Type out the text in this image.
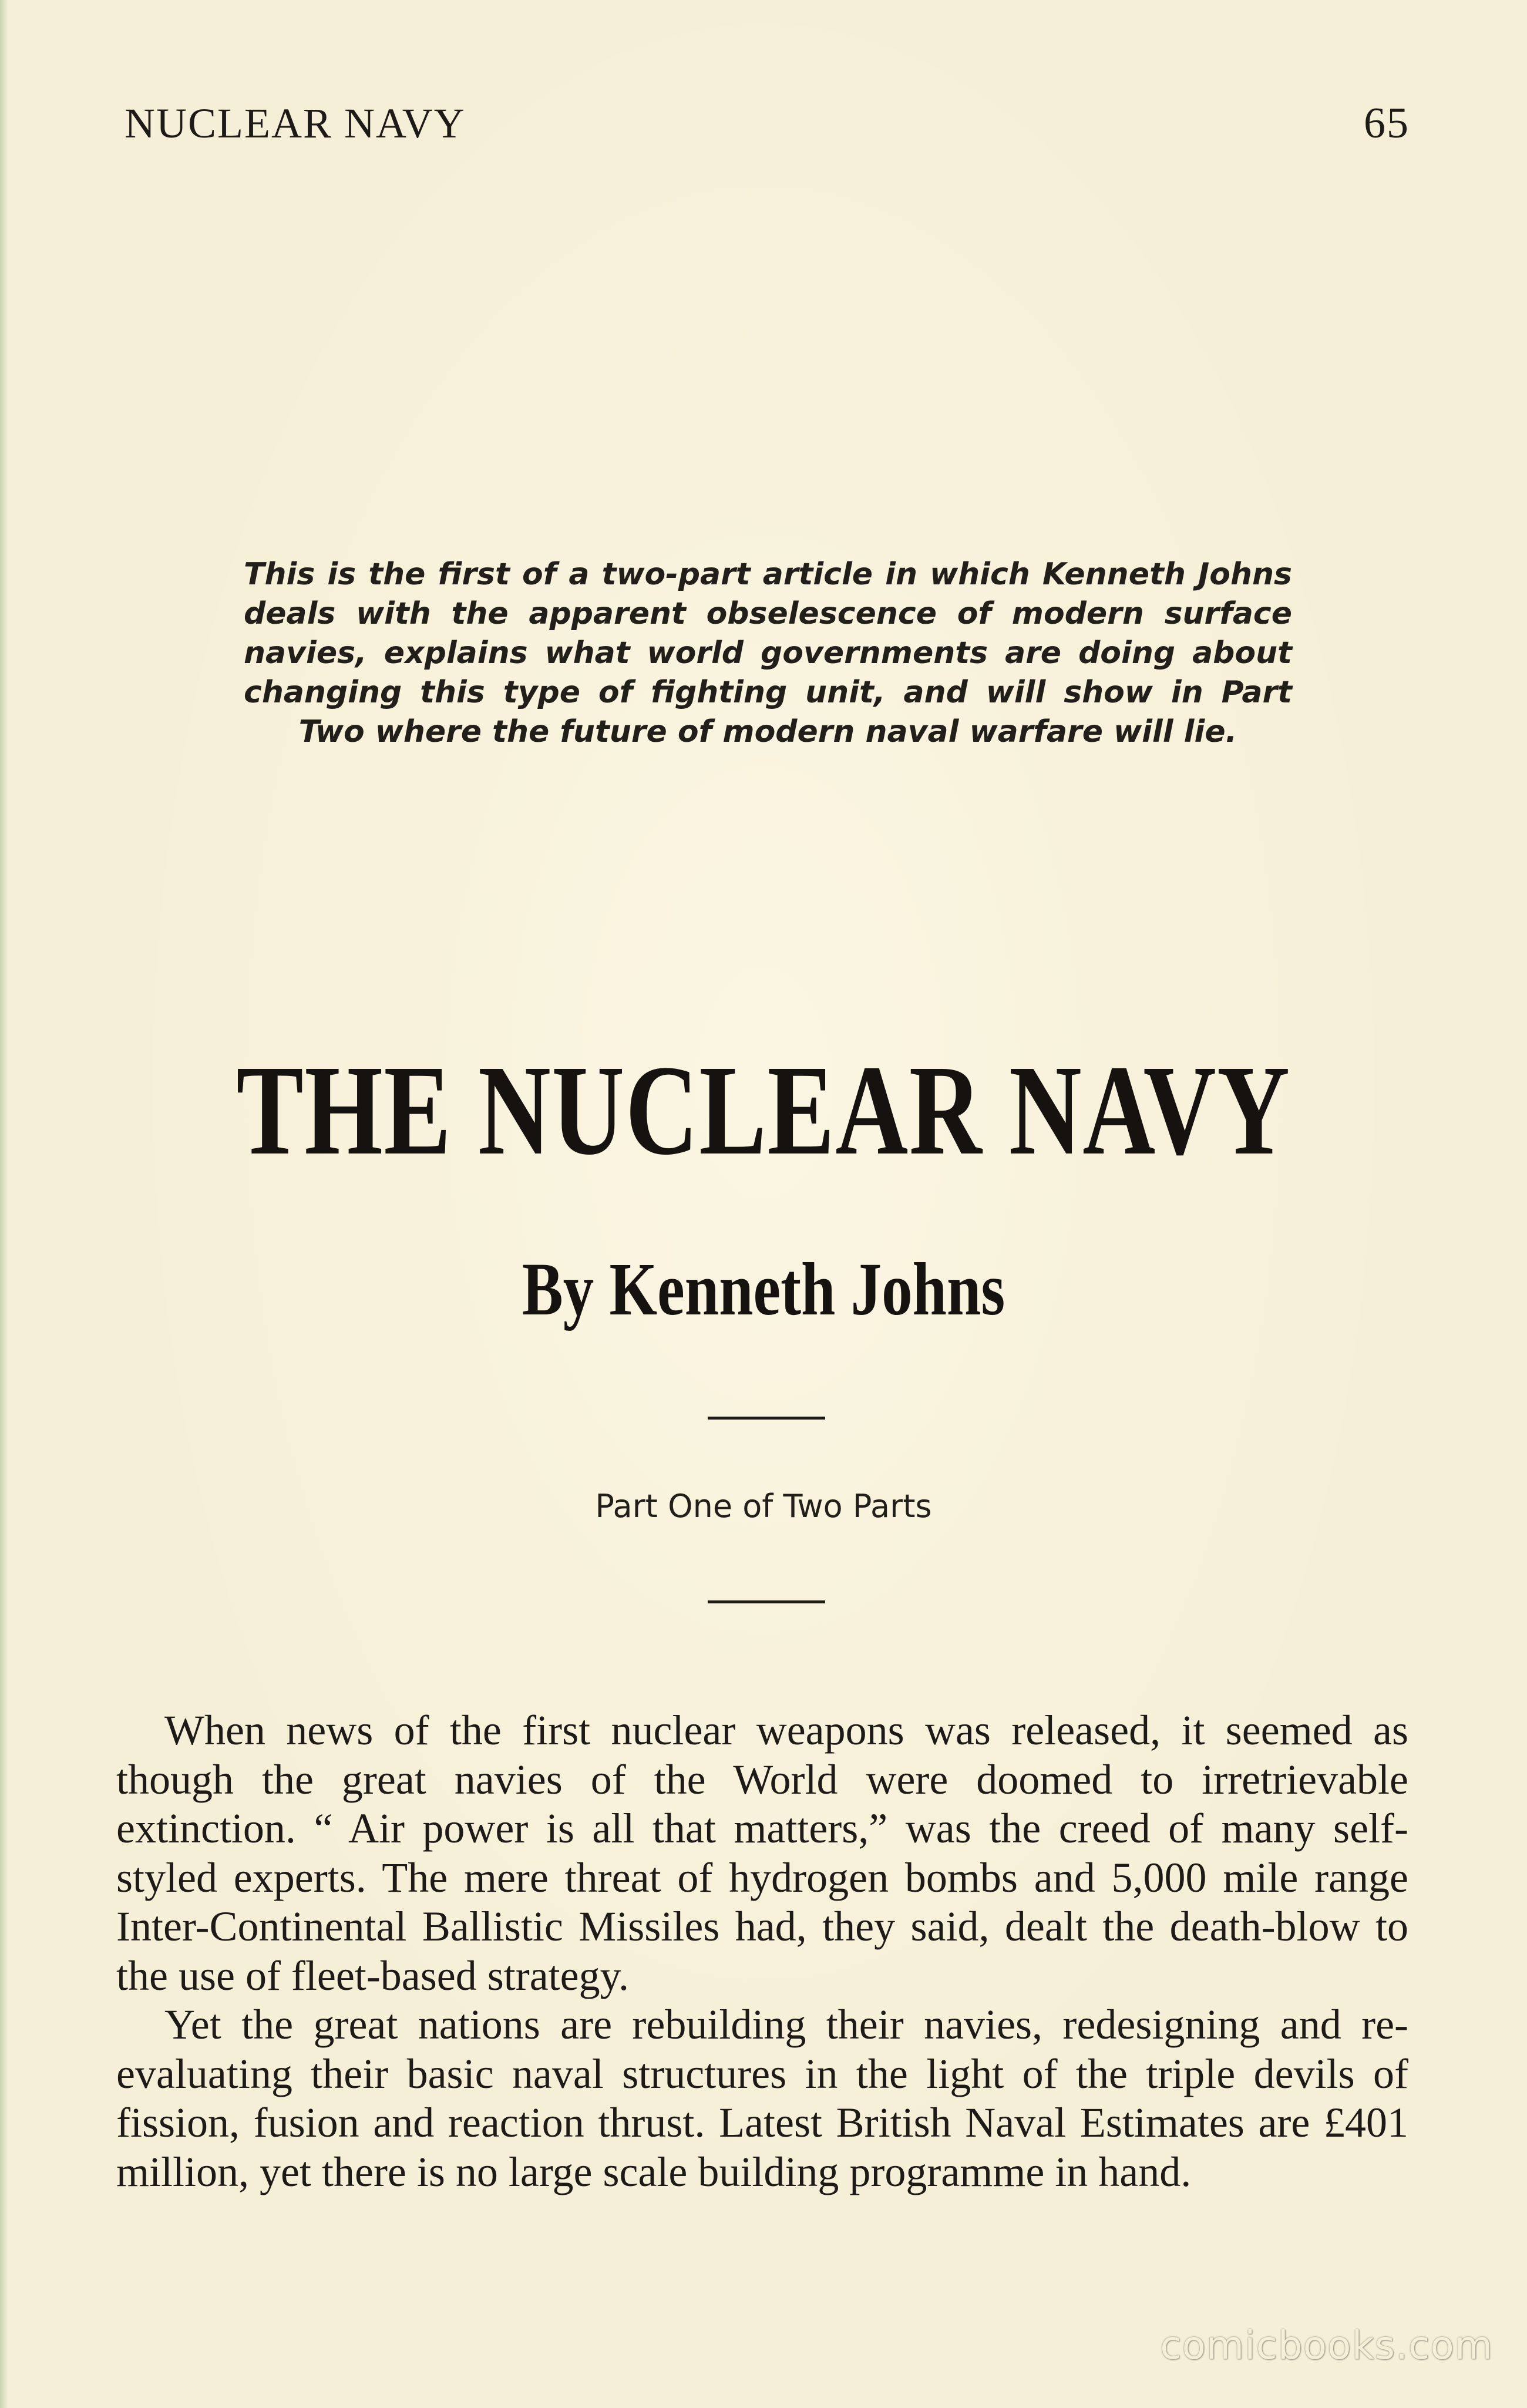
NUCLEAR NAVY	65
This is the first of a two-part article in which Kenneth Johns deals with the apparent obselescence of modern surface navies, explains what world governments are doing about changing this type of fighting unit, and will show in Part Two where the future of modern naval warfare will lie.
THE NUCLEAR NAVY
By Kenneth Johns
Part One of Two Parts

When news of the first nuclear weapons was released, it seemed as though the great navies of the World were doomed to irretrievable extinction. “ Air power is all that matters,” was the creed of many self-styled experts. The mere threat of hydrogen bombs and 5,000 mile range Inter-Continental Ballistic Missiles had, they said, dealt the death-blow to the use of fleet-based strategy.

Yet the great nations are rebuilding their navies, redesigning and re-evaluating their basic naval structures in the light of the triple devils of fission, fusion and reaction thrust. Latest British Naval Estimates are £401 million, yet there is no large scale building programme in hand.

comicbooks.com
